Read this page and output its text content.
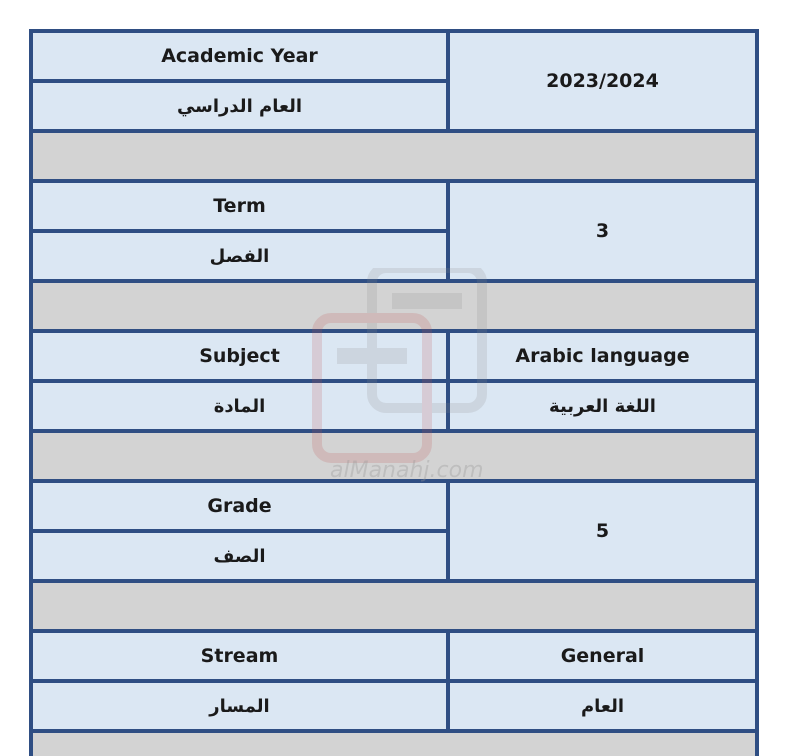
Academic Year
العام الدراسي
2023/2024
Term
الفصل
3
Subject
المادة
Arabic language
اللغة العربية
Grade
الصف
5
Stream
المسار
General
العام
alManahj.com
